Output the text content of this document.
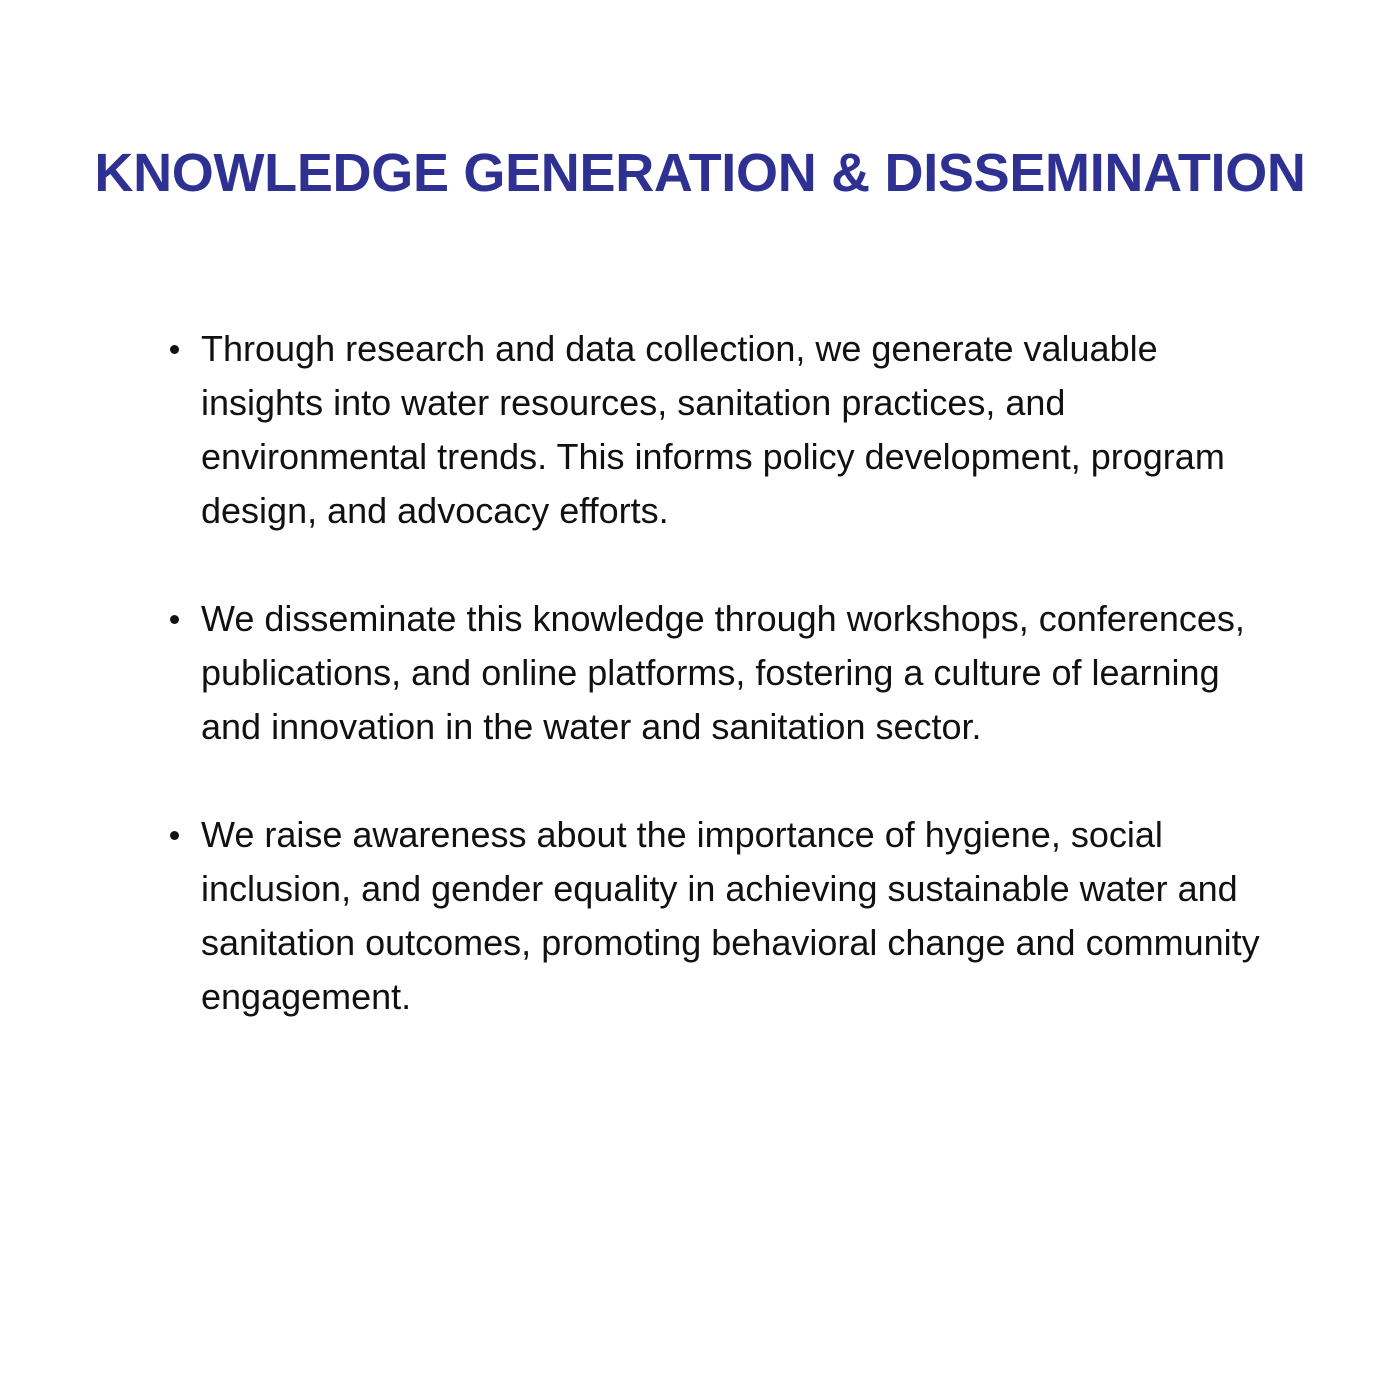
KNOWLEDGE GENERATION & DISSEMINATION
Through research and data collection, we generate valuable insights into water resources, sanitation practices, and environmental trends. This informs policy development, program design, and advocacy efforts.
We disseminate this knowledge through workshops, conferences, publications, and online platforms, fostering a culture of learning and innovation in the water and sanitation sector.
We raise awareness about the importance of hygiene, social inclusion, and gender equality in achieving sustainable water and sanitation outcomes, promoting behavioral change and community engagement.
